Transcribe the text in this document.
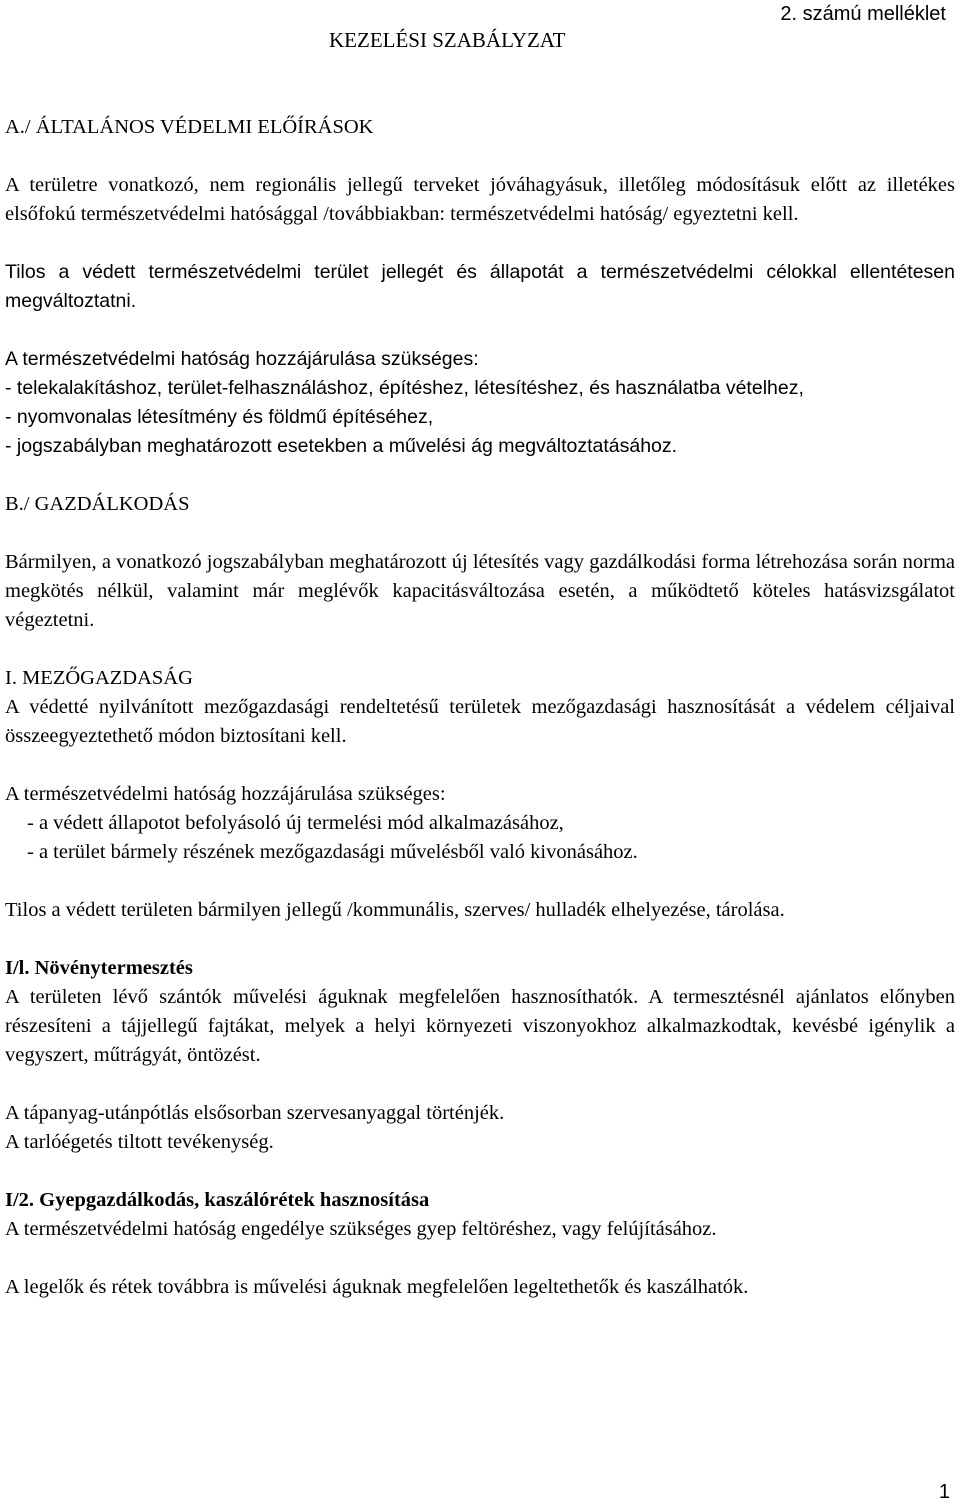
KEZELÉSI SZABÁLYZAT
2. számú melléklet

A./ ÁLTALÁNOS VÉDELMI ELŐÍRÁSOK

A területre vonatkozó, nem regionális jellegű terveket jóváhagyásuk, illetőleg módosításuk előtt az illetékes elsőfokú természetvédelmi hatósággal /továbbiakban: természetvédelmi hatóság/ egyeztetni kell.

Tilos a védett természetvédelmi terület jellegét és állapotát a természetvédelmi célokkal ellentétesen megváltoztatni.

A természetvédelmi hatóság hozzájárulása szükséges:

- telekalakításhoz, terület-felhasználáshoz, építéshez, létesítéshez, és használatba vételhez,
- nyomvonalas létesítmény és földmű építéséhez,
- jogszabályban meghatározott esetekben a művelési ág megváltoztatásához.

B./ GAZDÁLKODÁS

Bármilyen, a vonatkozó jogszabályban meghatározott új létesítés vagy gazdálkodási forma létrehozása során norma megkötés nélkül, valamint már meglévők kapacitásváltozása esetén, a működtető köteles hatásvizsgálatot végeztetni.

I. MEZŐGAZDASÁG

A védetté nyilvánított mezőgazdasági rendeltetésű területek mezőgazdasági hasznosítását a védelem céljaival összeegyeztethető módon biztosítani kell.

A természetvédelmi hatóság hozzájárulása szükséges:

- a védett állapotot befolyásoló új termelési mód alkalmazásához,
- a terület bármely részének mezőgazdasági művelésből való kivonásához.

Tilos a védett területen bármilyen jellegű /kommunális, szerves/ hulladék elhelyezése, tárolása.

I/l. Növénytermesztés

A területen lévő szántók művelési águknak megfelelően hasznosíthatók. A termesztésnél ajánlatos előnyben részesíteni a tájjellegű fajtákat, melyek a helyi környezeti viszonyokhoz alkalmazkodtak, kevésbé igénylik a vegyszert, műtrágyát, öntözést.

A tápanyag-utánpótlás elsősorban szervesanyaggal történjék.

A tarlóégetés tiltott tevékenység.

I/2. Gyepgazdálkodás, kaszálórétek hasznosítása

A természetvédelmi hatóság engedélye szükséges gyep feltöréshez, vagy felújításához.

A legelők és rétek továbbra is művelési águknak megfelelően legeltethetők és kaszálhatók.

1
